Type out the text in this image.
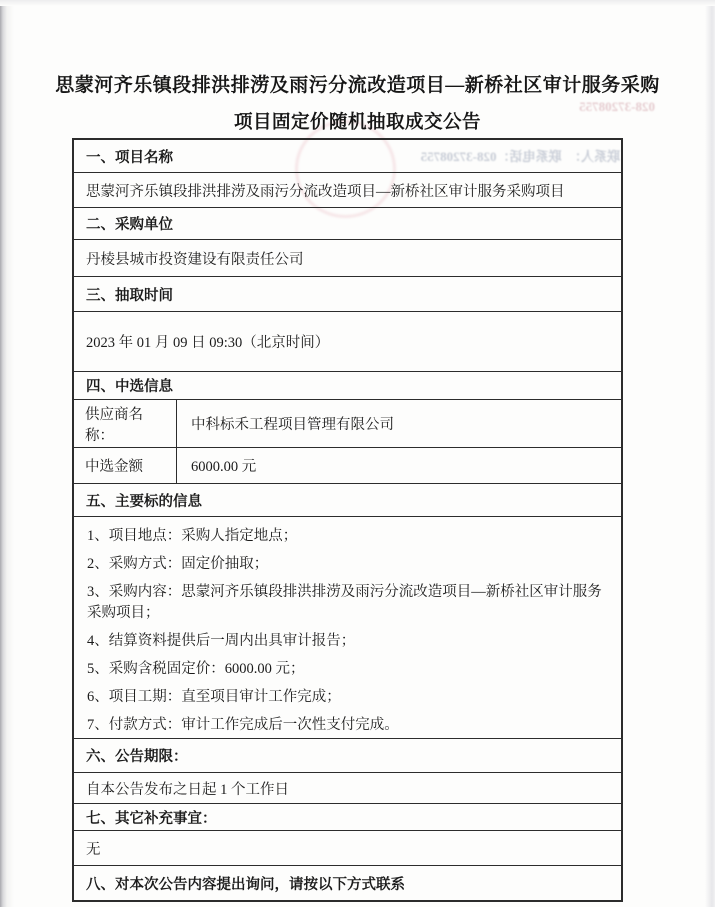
028-37208755
联系人：　联系电话：028-37208755
思蒙河齐乐镇段排洪排涝及雨污分流改造项目—新桥社区审计服务采购
项目固定价随机抽取成交公告
一、项目名称
思蒙河齐乐镇段排洪排涝及雨污分流改造项目—新桥社区审计服务采购项目
二、采购单位
丹棱县城市投资建设有限责任公司
三、抽取时间
2023 年 01 月 09 日 09:30（北京时间）
四、中选信息
供应商名称：
中科标禾工程项目管理有限公司
中选金额	6000.00 元
五、主要标的信息
1、项目地点：采购人指定地点；
2、采购方式：固定价抽取；
3、采购内容：思蒙河齐乐镇段排洪排涝及雨污分流改造项目—新桥社区审计服务采购项目；
4、结算资料提供后一周内出具审计报告；
5、采购含税固定价：6000.00 元；
6、项目工期：直至项目审计工作完成；
7、付款方式：审计工作完成后一次性支付完成。
六、公告期限：
自本公告发布之日起 1 个工作日
七、其它补充事宜：
无
八、对本次公告内容提出询问，请按以下方式联系
